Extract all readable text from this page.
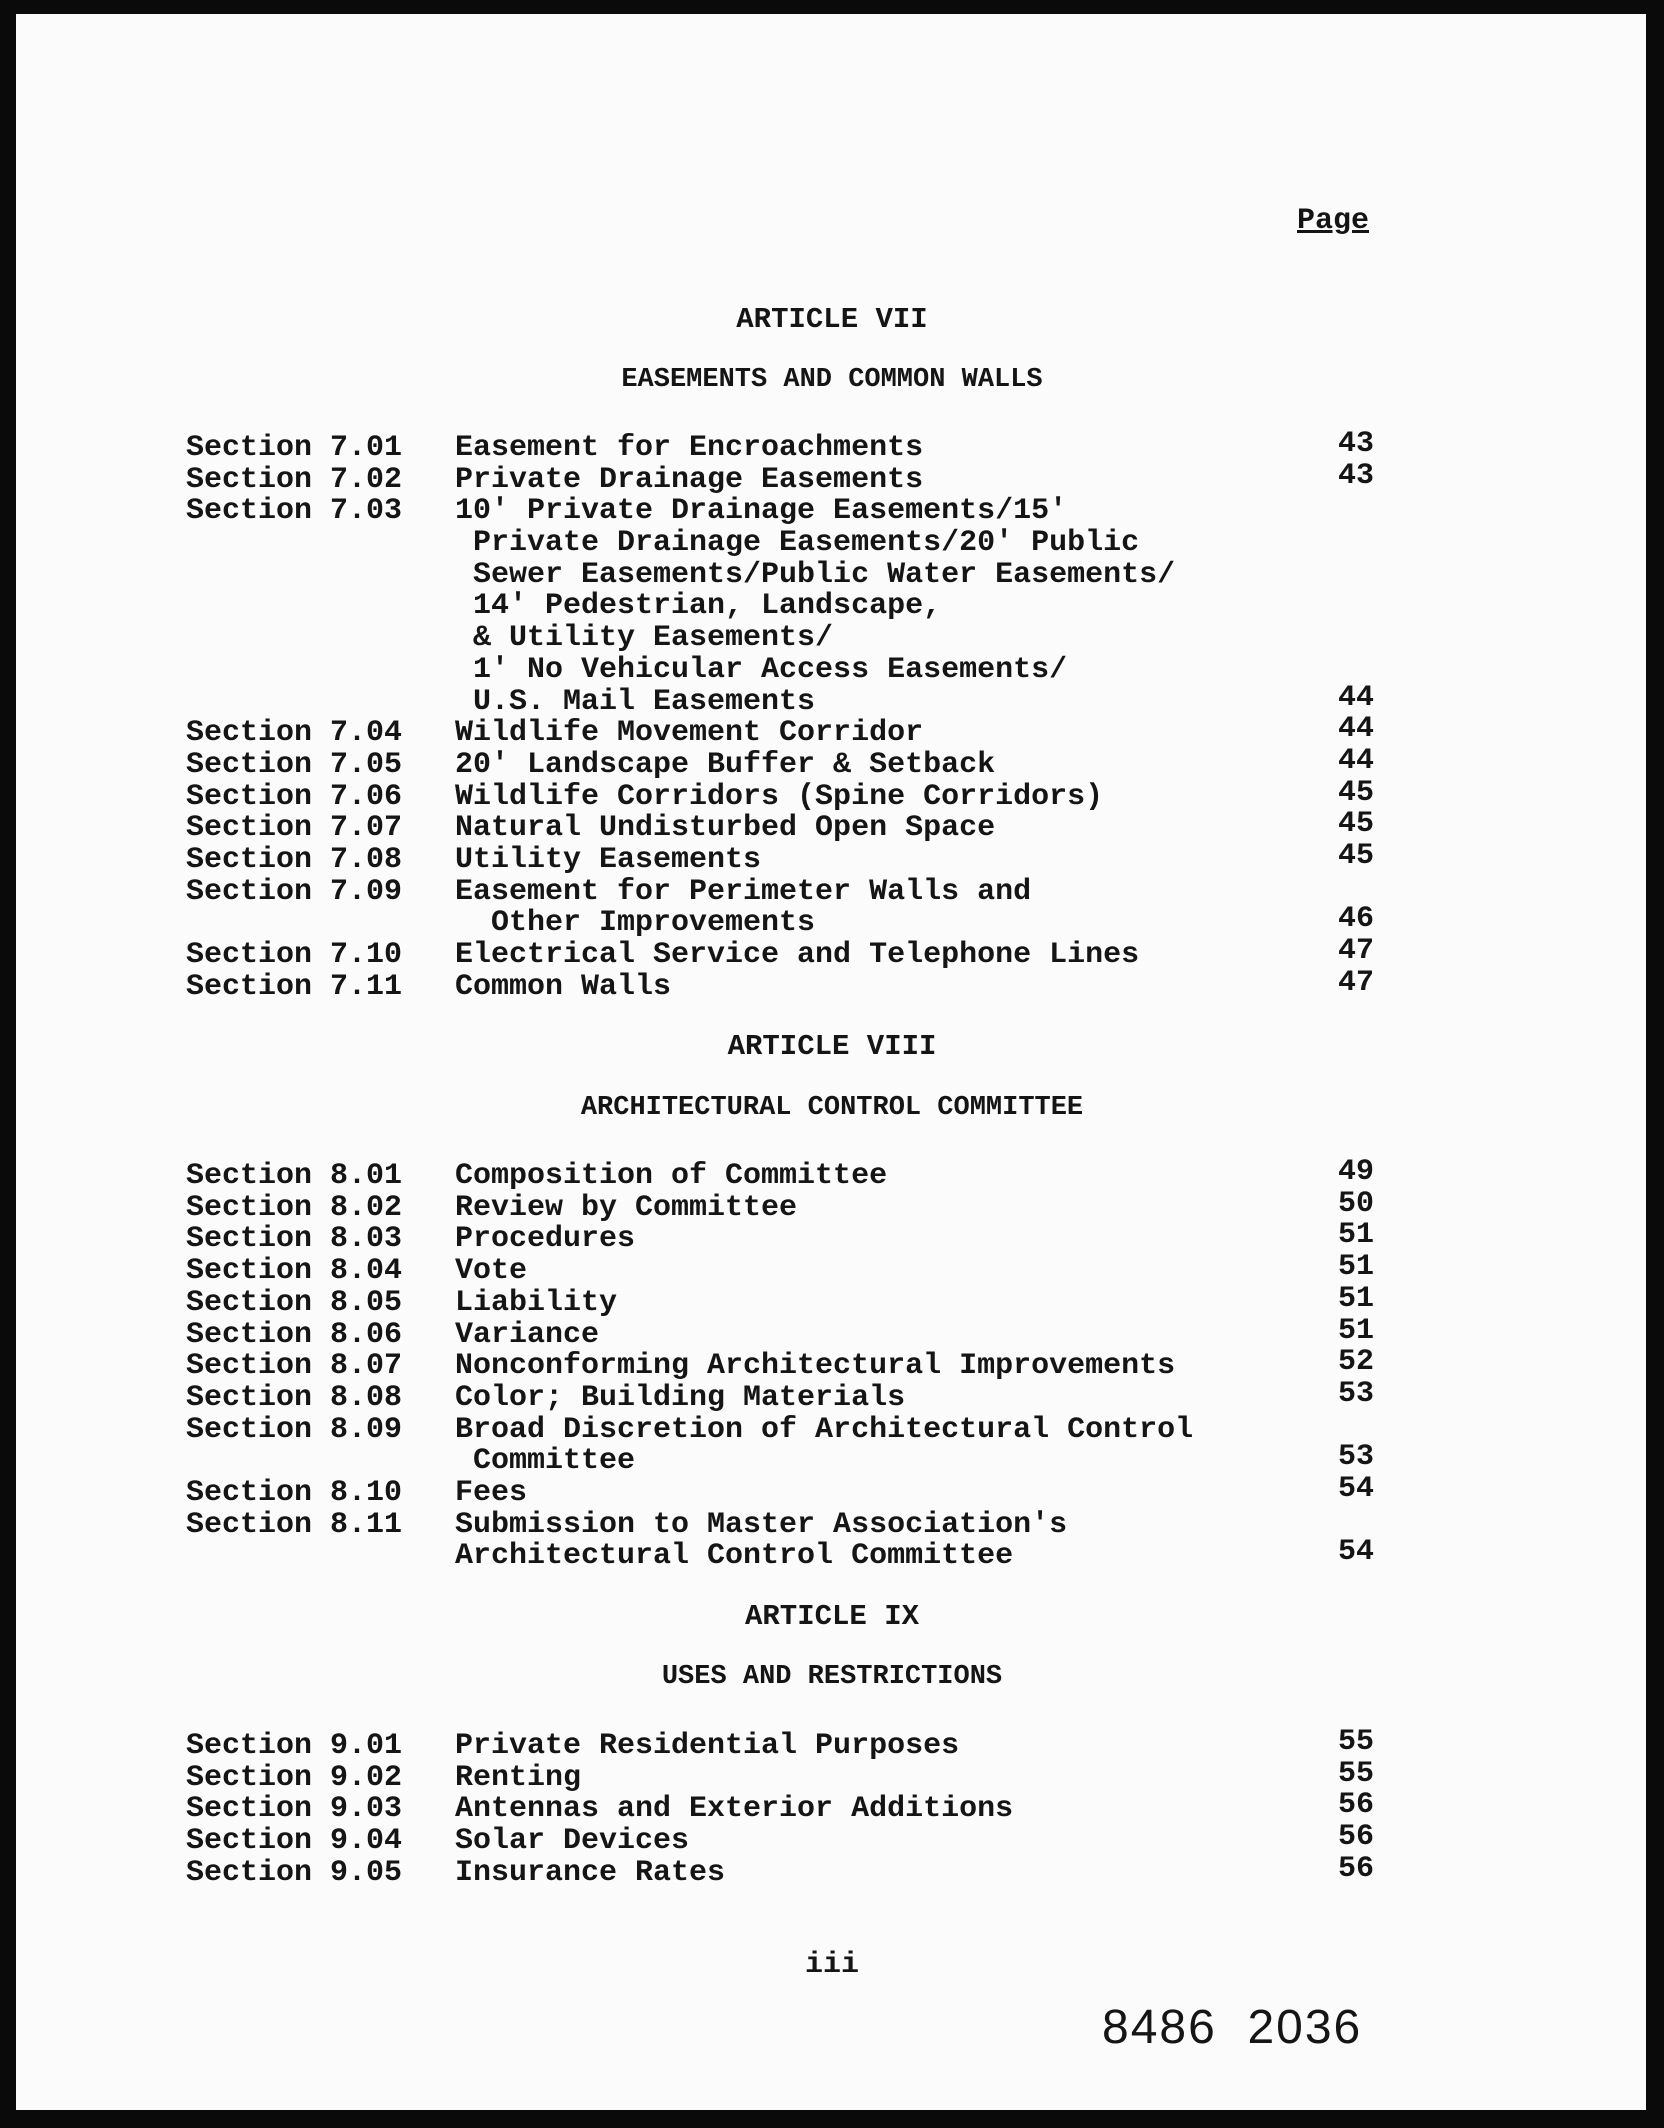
Page
ARTICLE VII
EASEMENTS AND COMMON WALLS
Section 7.01 Easement for Encroachments	43
Section 7.02 Private Drainage Easements	43
Section 7.03 10' Private Drainage Easements/15'
Private Drainage Easements/20' Public
Sewer Easements/Public Water Easements/
14' Pedestrian, Landscape,
& Utility Easements/
1' No Vehicular Access Easements/
U.S. Mail Easements	44
Section 7.04 Wildlife Movement Corridor	44
Section 7.05 20' Landscape Buffer & Setback	44
Section 7.06 Wildlife Corridors (Spine Corridors)	45
Section 7.07 Natural Undisturbed Open Space	45
Section 7.08 Utility Easements	45
Section 7.09 Easement for Perimeter Walls and
Other Improvements	46
Section 7.10 Electrical Service and Telephone Lines	47
Section 7.11 Common Walls	47
ARTICLE VIII
ARCHITECTURAL CONTROL COMMITTEE
Section 8.01 Composition of Committee	49
Section 8.02 Review by Committee	50
Section 8.03 Procedures	51
Section 8.04 Vote	51
Section 8.05 Liability	51
Section 8.06 Variance	51
Section 8.07 Nonconforming Architectural Improvements	52
Section 8.08 Color; Building Materials	53
Section 8.09 Broad Discretion of Architectural Control
Committee	53
Section 8.10 Fees	54
Section 8.11 Submission to Master Association's
Architectural Control Committee	54
ARTICLE IX
USES AND RESTRICTIONS
Section 9.01 Private Residential Purposes	55
Section 9.02 Renting	55
Section 9.03 Antennas and Exterior Additions	56
Section 9.04 Solar Devices	56
Section 9.05 Insurance Rates	56
iii
8486  2036
